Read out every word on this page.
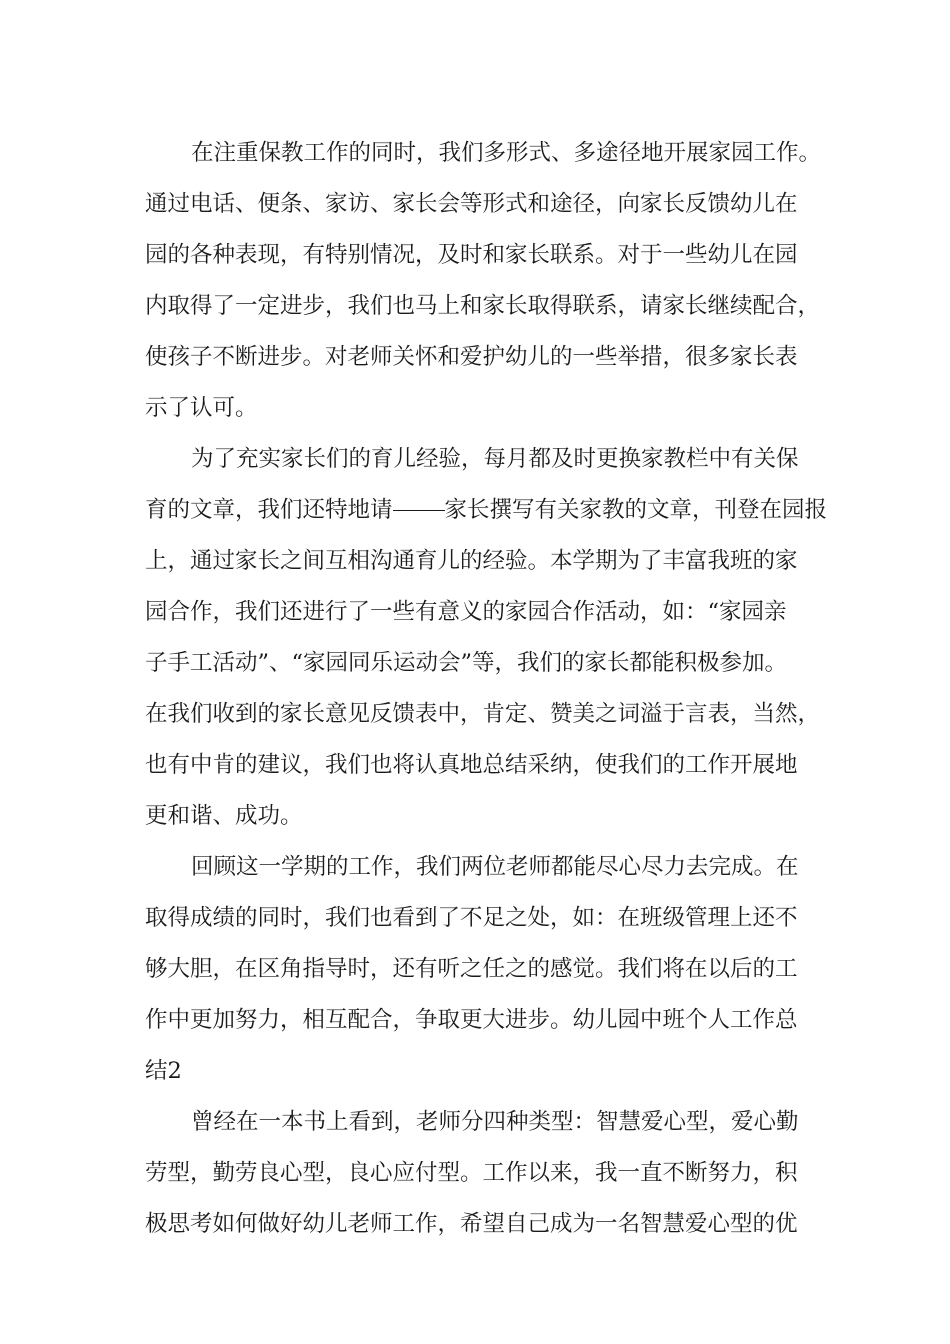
在注重保教工作的同时，我们多形式、多途径地开展家园工作。
通过电话、便条、家访、家长会等形式和途径，向家长反馈幼儿在
园的各种表现，有特别情况，及时和家长联系。对于一些幼儿在园
内取得了一定进步，我们也马上和家长取得联系，请家长继续配合，
使孩子不断进步。对老师关怀和爱护幼儿的一些举措，很多家长表
示了认可。
为了充实家长们的育儿经验，每月都及时更换家教栏中有关保
育的文章，我们还特地请 家长撰写有关家教的文章，刊登在园报
上，通过家长之间互相沟通育儿的经验。本学期为了丰富我班的家
园合作，我们还进行了一些有意义的家园合作活动，如：“家园亲
子手工活动”、“家园同乐运动会”等，我们的家长都能积极参加。
在我们收到的家长意见反馈表中，肯定、赞美之词溢于言表，当然，
也有中肯的建议，我们也将认真地总结采纳，使我们的工作开展地
更和谐、成功。
回顾这一学期的工作，我们两位老师都能尽心尽力去完成。在
取得成绩的同时，我们也看到了不足之处，如：在班级管理上还不
够大胆，在区角指导时，还有听之任之的感觉。我们将在以后的工
作中更加努力，相互配合，争取更大进步。幼儿园中班个人工作总
结2
曾经在一本书上看到，老师分四种类型：智慧爱心型，爱心勤
劳型，勤劳良心型，良心应付型。工作以来，我一直不断努力，积
极思考如何做好幼儿老师工作，希望自己成为一名智慧爱心型的优
